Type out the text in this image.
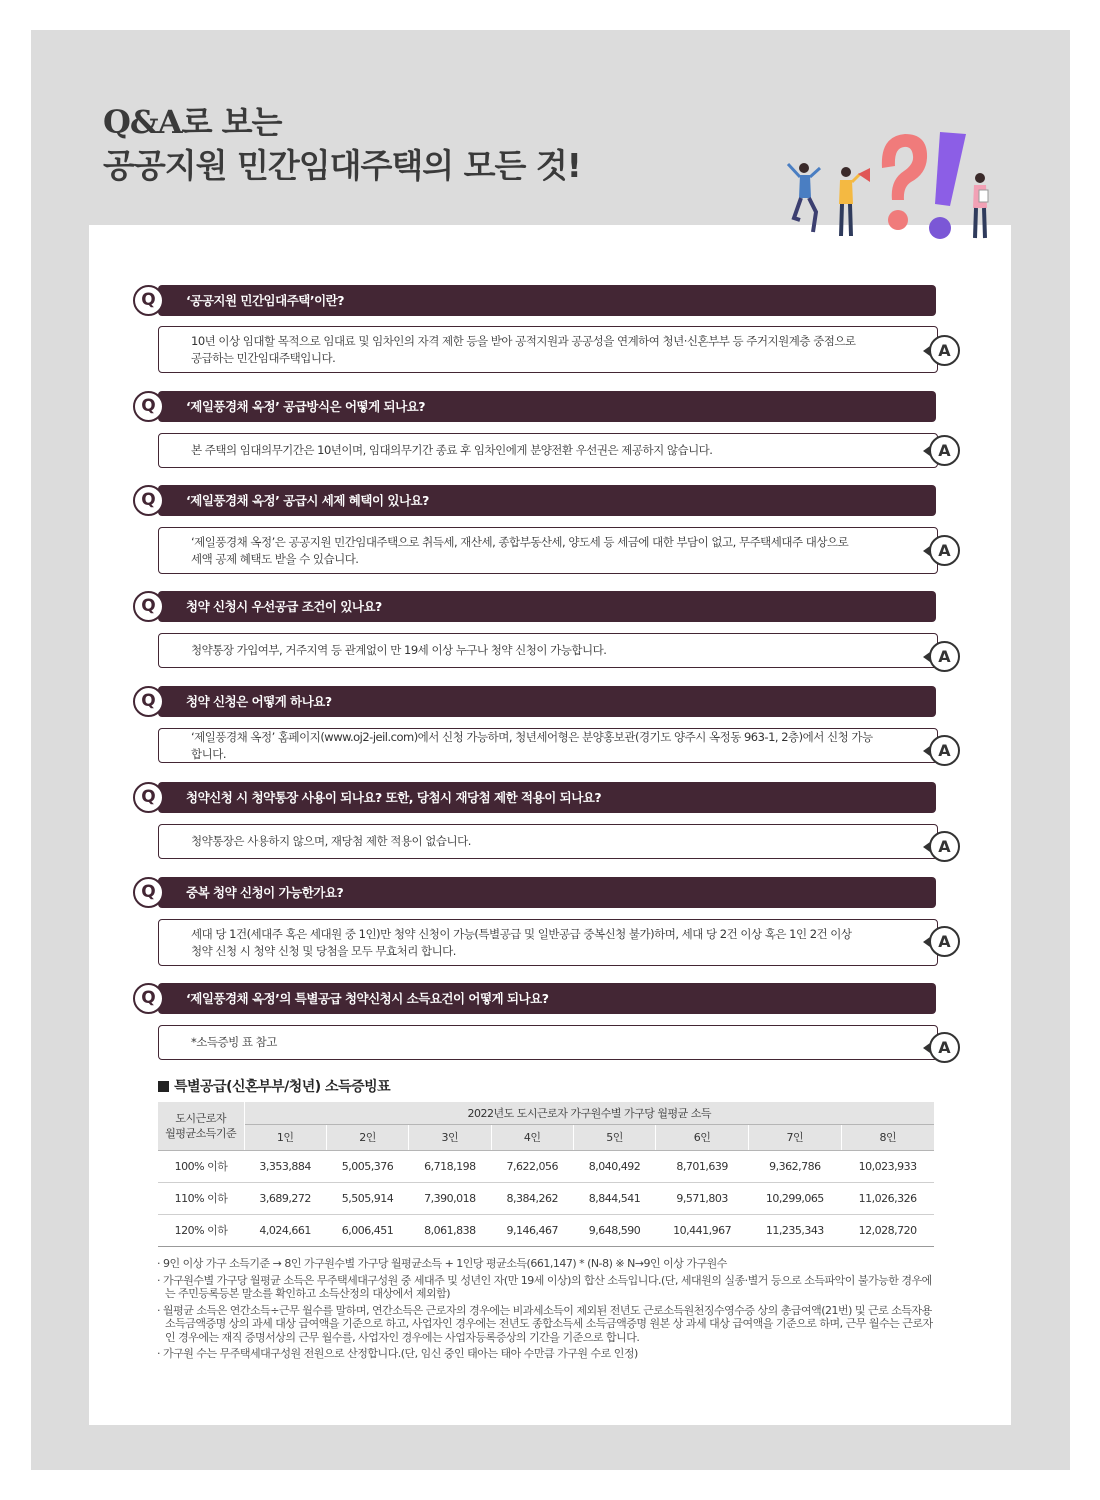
Q&A로 보는
공공지원 민간임대주택의 모든 것!
Q	‘공공지원 민간임대주택’이란?
10년 이상 임대할 목적으로 임대료 및 임차인의 자격 제한 등을 받아 공적지원과 공공성을 연계하여 청년·신혼부부 등 주거지원계층 중점으로
공급하는 민간임대주택입니다.	A
Q	‘제일풍경채 옥정’ 공급방식은 어떻게 되나요?
본 주택의 임대의무기간은 10년이며, 임대의무기간 종료 후 임차인에게 분양전환 우선권은 제공하지 않습니다.	A
Q	‘제일풍경채 옥정’ 공급시 세제 혜택이 있나요?
‘제일풍경채 옥정’은 공공지원 민간임대주택으로 취득세, 재산세, 종합부동산세, 양도세 등 세금에 대한 부담이 없고, 무주택세대주 대상으로
세액 공제 혜택도 받을 수 있습니다.	A
Q	청약 신청시 우선공급 조건이 있나요?
청약통장 가입여부, 거주지역 등 관계없이 만 19세 이상 누구나 청약 신청이 가능합니다.	A
Q	청약 신청은 어떻게 하나요?
‘제일풍경채 옥정’ 홈페이지(www.oj2-jeil.com)에서 신청 가능하며, 청년세어형은 분양홍보관(경기도 양주시 옥정동 963-1, 2층)에서 신청 가능합니다.	A
Q	청약신청 시 청약통장 사용이 되나요? 또한, 당첨시 재당첨 제한 적용이 되나요?
청약통장은 사용하지 않으며, 재당첨 제한 적용이 없습니다.	A
Q	중복 청약 신청이 가능한가요?
세대 당 1건(세대주 혹은 세대원 중 1인)만 청약 신청이 가능(특별공급 및 일반공급 중복신청 불가)하며, 세대 당 2건 이상 혹은 1인 2건 이상
청약 신청 시 청약 신청 및 당첨을 모두 무효처리 합니다.	A
Q	‘제일풍경채 옥정’의 특별공급 청약신청시 소득요건이 어떻게 되나요?
*소득증빙 표 참고	A
특별공급(신혼부부/청년) 소득증빙표
도시근로자
월평균소득기준	2022년도 도시근로자 가구원수별 가구당 월평균 소득							
	1인	2인	3인	4인	5인	6인	7인	8인
100% 이하	3,353,884	5,005,376	6,718,198	7,622,056	8,040,492	8,701,639	9,362,786	10,023,933
110% 이하	3,689,272	5,505,914	7,390,018	8,384,262	8,844,541	9,571,803	10,299,065	11,026,326
120% 이하	4,024,661	6,006,451	8,061,838	9,146,467	9,648,590	10,441,967	11,235,343	12,028,720

· 9인 이상 가구 소득기준 → 8인 가구원수별 가구당 월평균소득 + 1인당 평균소득(661,147) * (N-8) ※ N→9인 이상 가구원수

· 가구원수별 가구당 월평균 소득은 무주택세대구성원 중 세대주 및 성년인 자(만 19세 이상)의 합산 소득입니다.(단, 세대원의 실종·별거 등으로 소득파악이 불가능한 경우에는 주민등록등본 말소를 확인하고 소득산정의 대상에서 제외함)

· 월평균 소득은 연간소득÷근무 월수를 말하며, 연간소득은 근로자의 경우에는 비과세소득이 제외된 전년도 근로소득원천징수영수증 상의 총급여액(21번) 및 근로 소득자용 소득금액증명 상의 과세 대상 급여액을 기준으로 하고, 사업자인 경우에는 전년도 종합소득세 소득금액증명 원본 상 과세 대상 급여액을 기준으로 하며, 근무 월수는 근로자인 경우에는 재직 증명서상의 근무 월수를, 사업자인 경우에는 사업자등록증상의 기간을 기준으로 합니다.

· 가구원 수는 무주택세대구성원 전원으로 산정합니다.(단, 임신 중인 태아는 태아 수만큼 가구원 수로 인정)
